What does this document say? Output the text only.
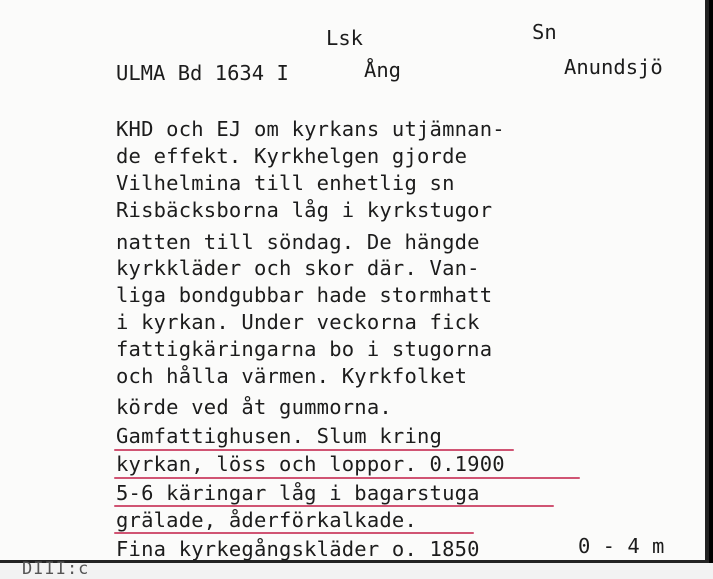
Lsk	Sn
ULMA Bd 1634 I	Ång	Anundsjö
KHD och EJ om kyrkans utjämnan-
de effekt. Kyrkhelgen gjorde
Vilhelmina till enhetlig sn
Risbäcksborna låg i kyrkstugor
natten till söndag. De hängde
kyrkkläder och skor där. Van-
liga bondgubbar hade stormhatt
i kyrkan. Under veckorna fick
fattigkäringarna bo i stugorna
och hålla värmen. Kyrkfolket
körde ved åt gummorna.
Gamfattighusen. Slum kring
kyrkan, löss och loppor. 0.1900
5-6 käringar låg i bagarstuga
grälade, åderförkalkade.
Fina kyrkegångskläder o. 1850	0 - 4 m
DIII:c
